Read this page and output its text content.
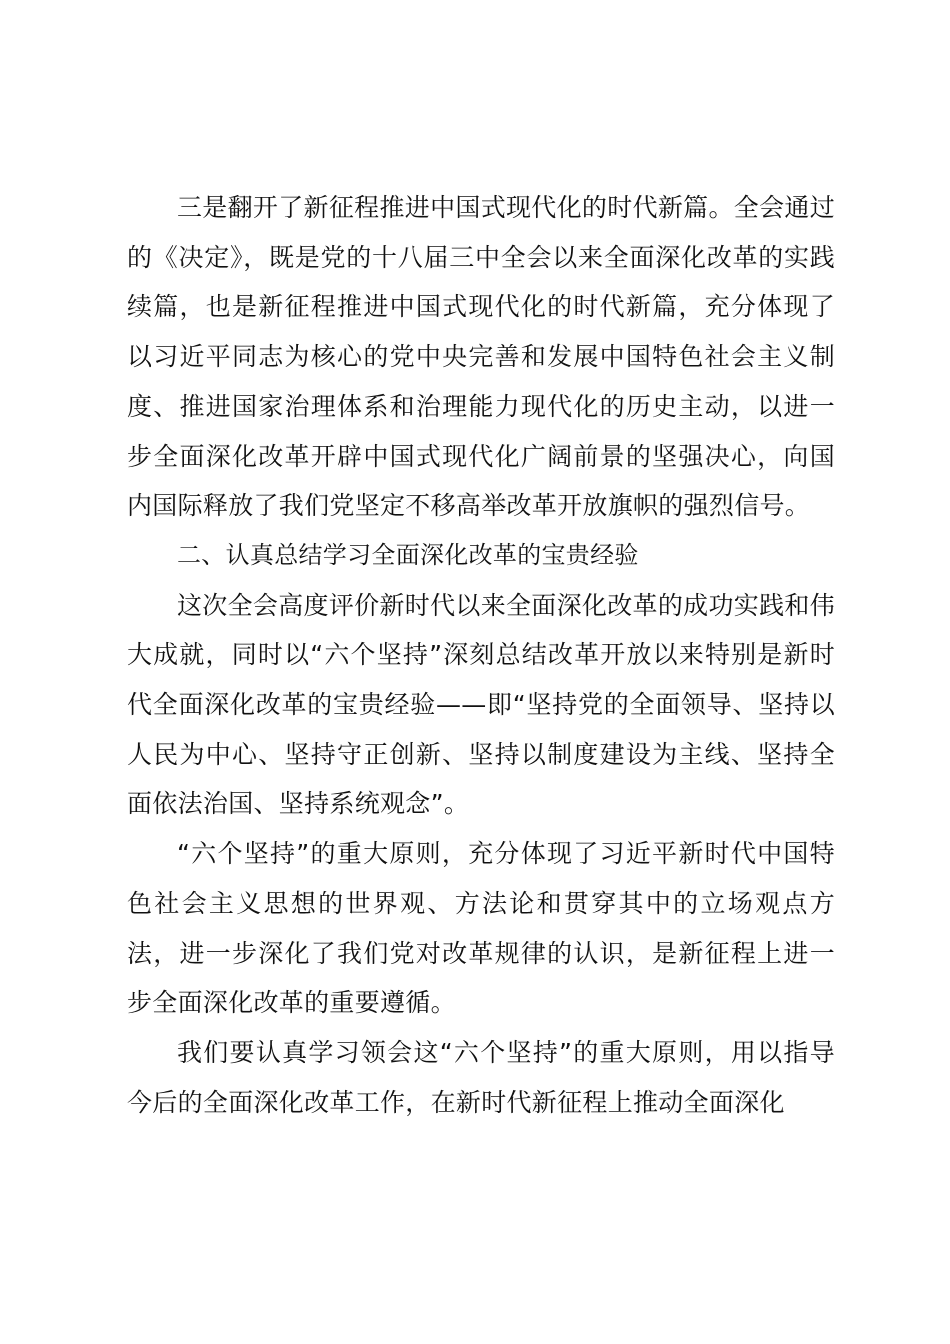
三是翻开了新征程推进中国式现代化的时代新篇。全会通过的《决定》，既是党的十八届三中全会以来全面深化改革的实践续篇，也是新征程推进中国式现代化的时代新篇，充分体现了以习近平同志为核心的党中央完善和发展中国特色社会主义制度、推进国家治理体系和治理能力现代化的历史主动，以进一步全面深化改革开辟中国式现代化广阔前景的坚强决心，向国内国际释放了我们党坚定不移高举改革开放旗帜的强烈信号。

二、认真总结学习全面深化改革的宝贵经验

这次全会高度评价新时代以来全面深化改革的成功实践和伟大成就，同时以“六个坚持”深刻总结改革开放以来特别是新时代全面深化改革的宝贵经验——即“坚持党的全面领导、坚持以人民为中心、坚持守正创新、坚持以制度建设为主线、坚持全面依法治国、坚持系统观念”。

“六个坚持”的重大原则，充分体现了习近平新时代中国特色社会主义思想的世界观、方法论和贯穿其中的立场观点方法，进一步深化了我们党对改革规律的认识，是新征程上进一步全面深化改革的重要遵循。

我们要认真学习领会这“六个坚持”的重大原则，用以指导今后的全面深化改革工作，在新时代新征程上推动全面深化
